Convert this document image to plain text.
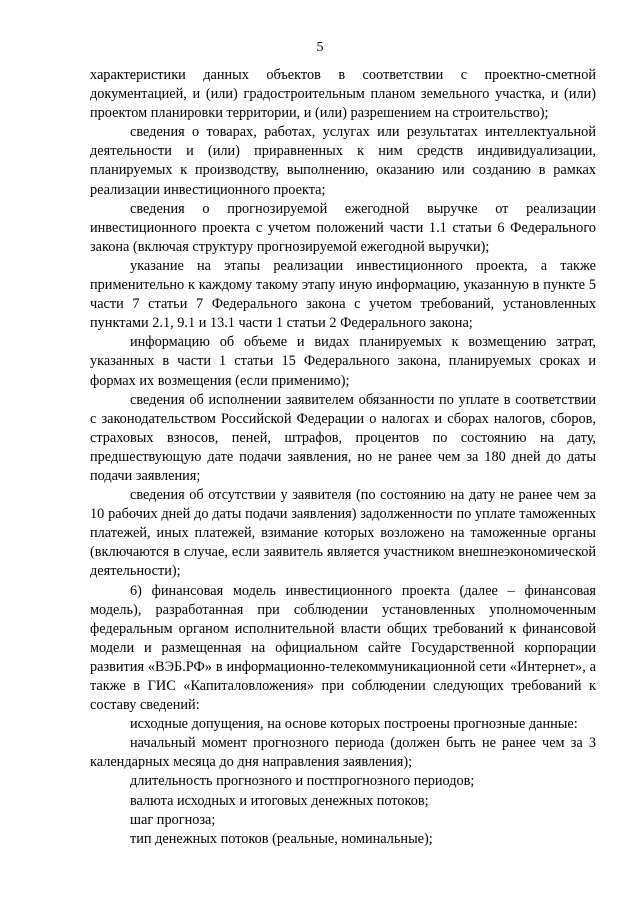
5

характеристики данных объектов в соответствии с проектно-сметной документацией, и (или) градостроительным планом земельного участка, и (или) проектом планировки территории, и (или) разрешением на строительство);

сведения о товарах, работах, услугах или результатах интеллектуальной деятельности и (или) приравненных к ним средств индивидуализации, планируемых к производству, выполнению, оказанию или созданию в рамках реализации инвестиционного проекта;

сведения о прогнозируемой ежегодной выручке от реализации инвестиционного проекта с учетом положений части 1.1 статьи 6 Федерального закона (включая структуру прогнозируемой ежегодной выручки);

указание на этапы реализации инвестиционного проекта, а также применительно к каждому такому этапу иную информацию, указанную в пункте 5 части 7 статьи 7 Федерального закона с учетом требований, установленных пунктами 2.1, 9.1 и 13.1 части 1 статьи 2 Федерального закона;

информацию об объеме и видах планируемых к возмещению затрат, указанных в части 1 статьи 15 Федерального закона, планируемых сроках и формах их возмещения (если применимо);

сведения об исполнении заявителем обязанности по уплате в соответствии с законодательством Российской Федерации о налогах и сборах налогов, сборов, страховых взносов, пеней, штрафов, процентов по состоянию на дату, предшествующую дате подачи заявления, но не ранее чем за 180 дней до даты подачи заявления;

сведения об отсутствии у заявителя (по состоянию на дату не ранее чем за 10 рабочих дней до даты подачи заявления) задолженности по уплате таможенных платежей, иных платежей, взимание которых возложено на таможенные органы (включаются в случае, если заявитель является участником внешнеэкономической деятельности);

6) финансовая модель инвестиционного проекта (далее – финансовая модель), разработанная при соблюдении установленных уполномоченным федеральным органом исполнительной власти общих требований к финансовой модели и размещенная на официальном сайте Государственной корпорации развития «ВЭБ.РФ» в информационно-телекоммуникационной сети «Интернет», а также в ГИС «Капиталовложения» при соблюдении следующих требований к составу сведений:

исходные допущения, на основе которых построены прогнозные данные:

начальный момент прогнозного периода (должен быть не ранее чем за 3 календарных месяца до дня направления заявления);

длительность прогнозного и постпрогнозного периодов;

валюта исходных и итоговых денежных потоков;

шаг прогноза;

тип денежных потоков (реальные, номинальные);
